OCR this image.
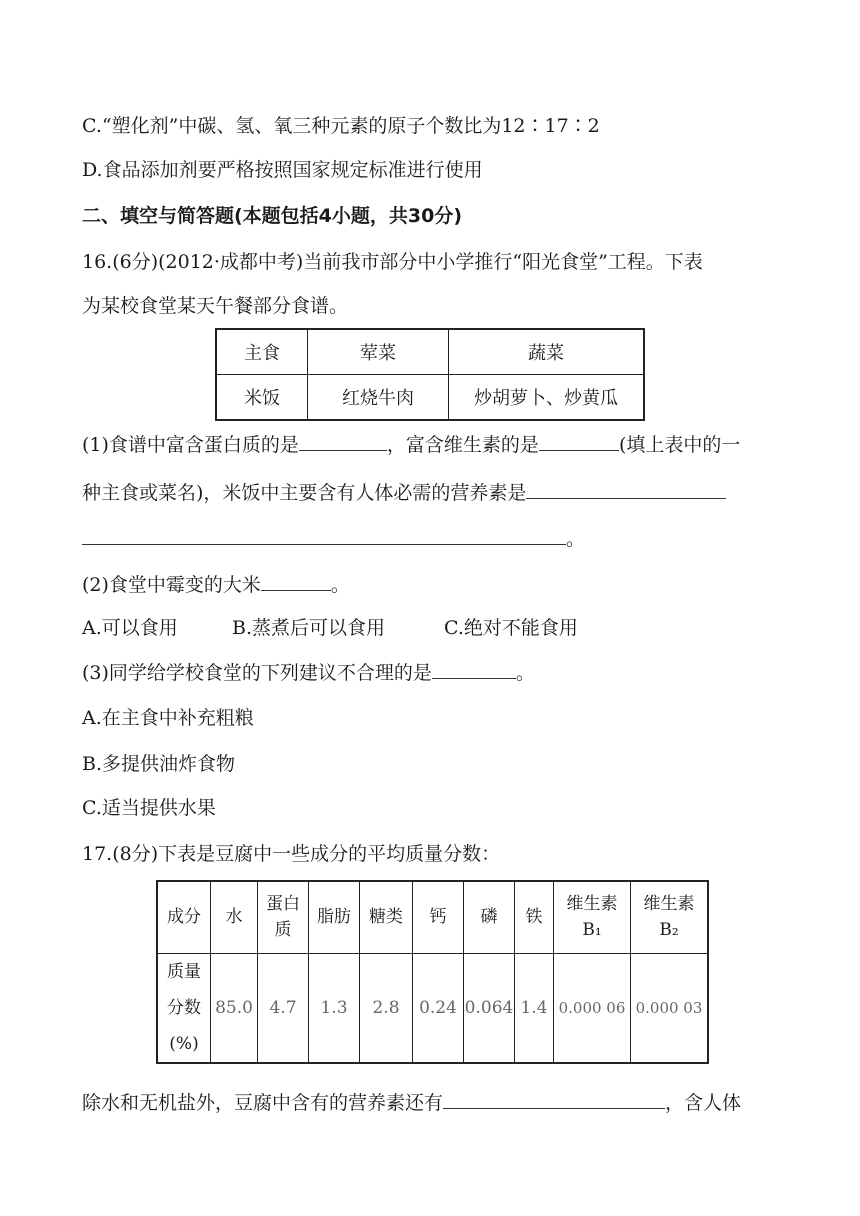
C.“塑化剂”中碳、氢、氧三种元素的原子个数比为12∶17∶2
D.食品添加剂要严格按照国家规定标准进行使用
二、填空与简答题(本题包括4小题，共30分)
16.(6分)(2012·成都中考)当前我市部分中小学推行“阳光食堂”工程。下表
为某校食堂某天午餐部分食谱。
主食	荤菜	蔬菜
米饭	红烧牛肉	炒胡萝卜、炒黄瓜
(1)食谱中富含蛋白质的是	，富含维生素的是	(填上表中的一
种主食或菜名)，米饭中主要含有人体必需的营养素是
。
(2)食堂中霉变的大米	。
A.可以食用	B.蒸煮后可以食用	C.绝对不能食用
(3)同学给学校食堂的下列建议不合理的是	。
A.在主食中补充粗粮
B.多提供油炸食物
C.适当提供水果
17.(8分)下表是豆腐中一些成分的平均质量分数：
成分	水	蛋白质	脂肪	糖类	钙	磷	铁	维生素B₁	维生素B₂
质量分数(%)	85.0	4.7	1.3	2.8	0.24	0.064	1.4	0.000 06	0.000 03
除水和无机盐外，豆腐中含有的营养素还有	，含人体
